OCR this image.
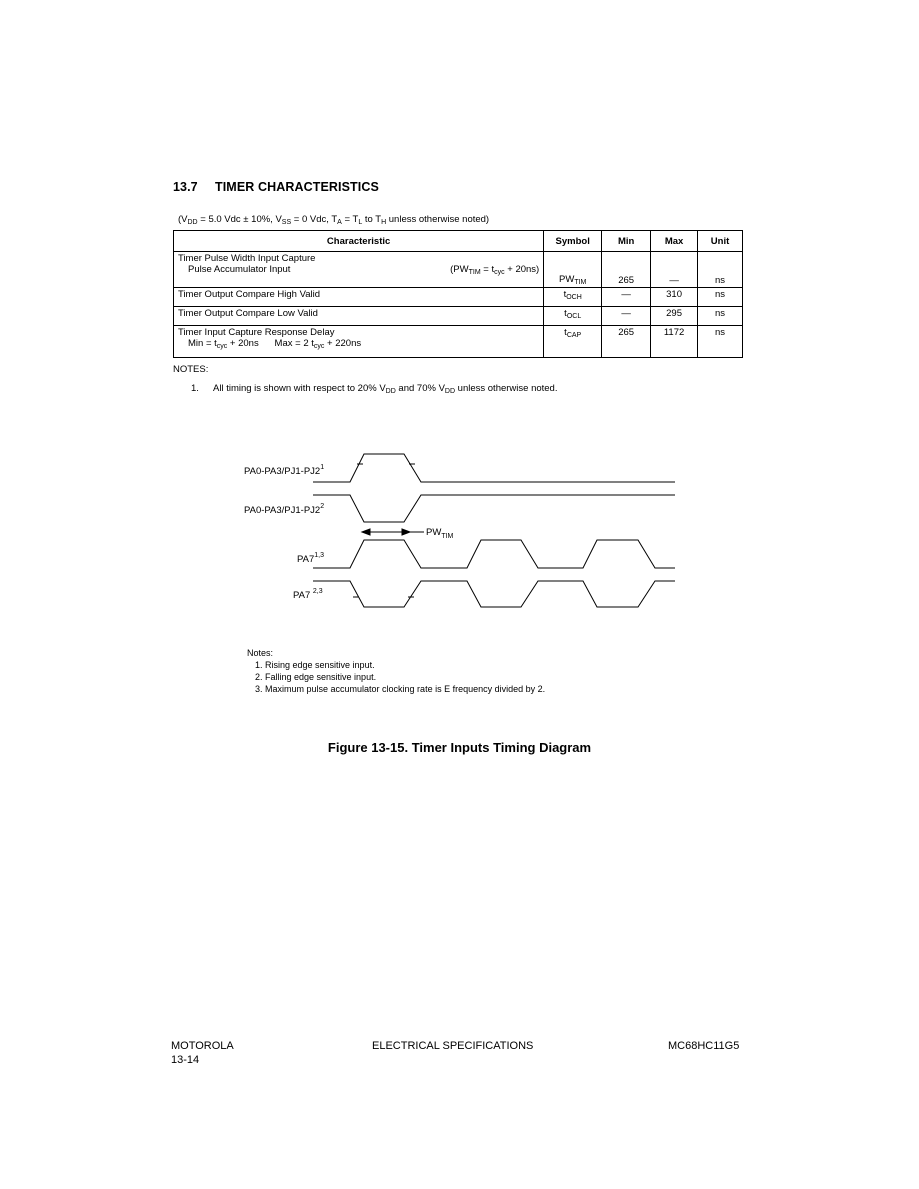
13.7 TIMER CHARACTERISTICS
($V_{DD} = 5.0$ Vdc ± 10%, $V_{SS} = 0$ Vdc, $T_A = T_L$ to $T_H$ unless otherwise noted)
Characteristic	Symbol	Min	Max	Unit

Timer Pulse Width Input Capture
Pulse Accumulator Input $(PW_{TIM} = t_{cyc} + 20ns)$	$PW_{TIM}$	265	—	ns
Timer Output Compare High Valid	$t_{OCH}$	—	310	ns
Timer Output Compare Low Valid	$t_{OCL}$	—	295	ns

Timer Input Capture Response Delay
Min = $t_{cyc} + 20ns$      Max = 2 $t_{cyc} + 220ns$	$t_{CAP}$	265	1172	ns
NOTES:
1. All timing is shown with respect to 20% $V_{DD}$ and 70% $V_{DD}$ unless otherwise noted.
$PA0-PA3/PJ1-PJ2^1$
$PA0-PA3/PJ1-PJ2^2$
PA7$^{1,3}$
PA7 $^{2,3}$
$PW_{TIM}$
Notes:
1. Rising edge sensitive input.
2. Falling edge sensitive input.
3. Maximum pulse accumulator clocking rate is E frequency divided by 2.
Figure 13-15. Timer Inputs Timing Diagram
MOTOROLA
13-14
ELECTRICAL SPECIFICATIONS	MC68HC11G5
